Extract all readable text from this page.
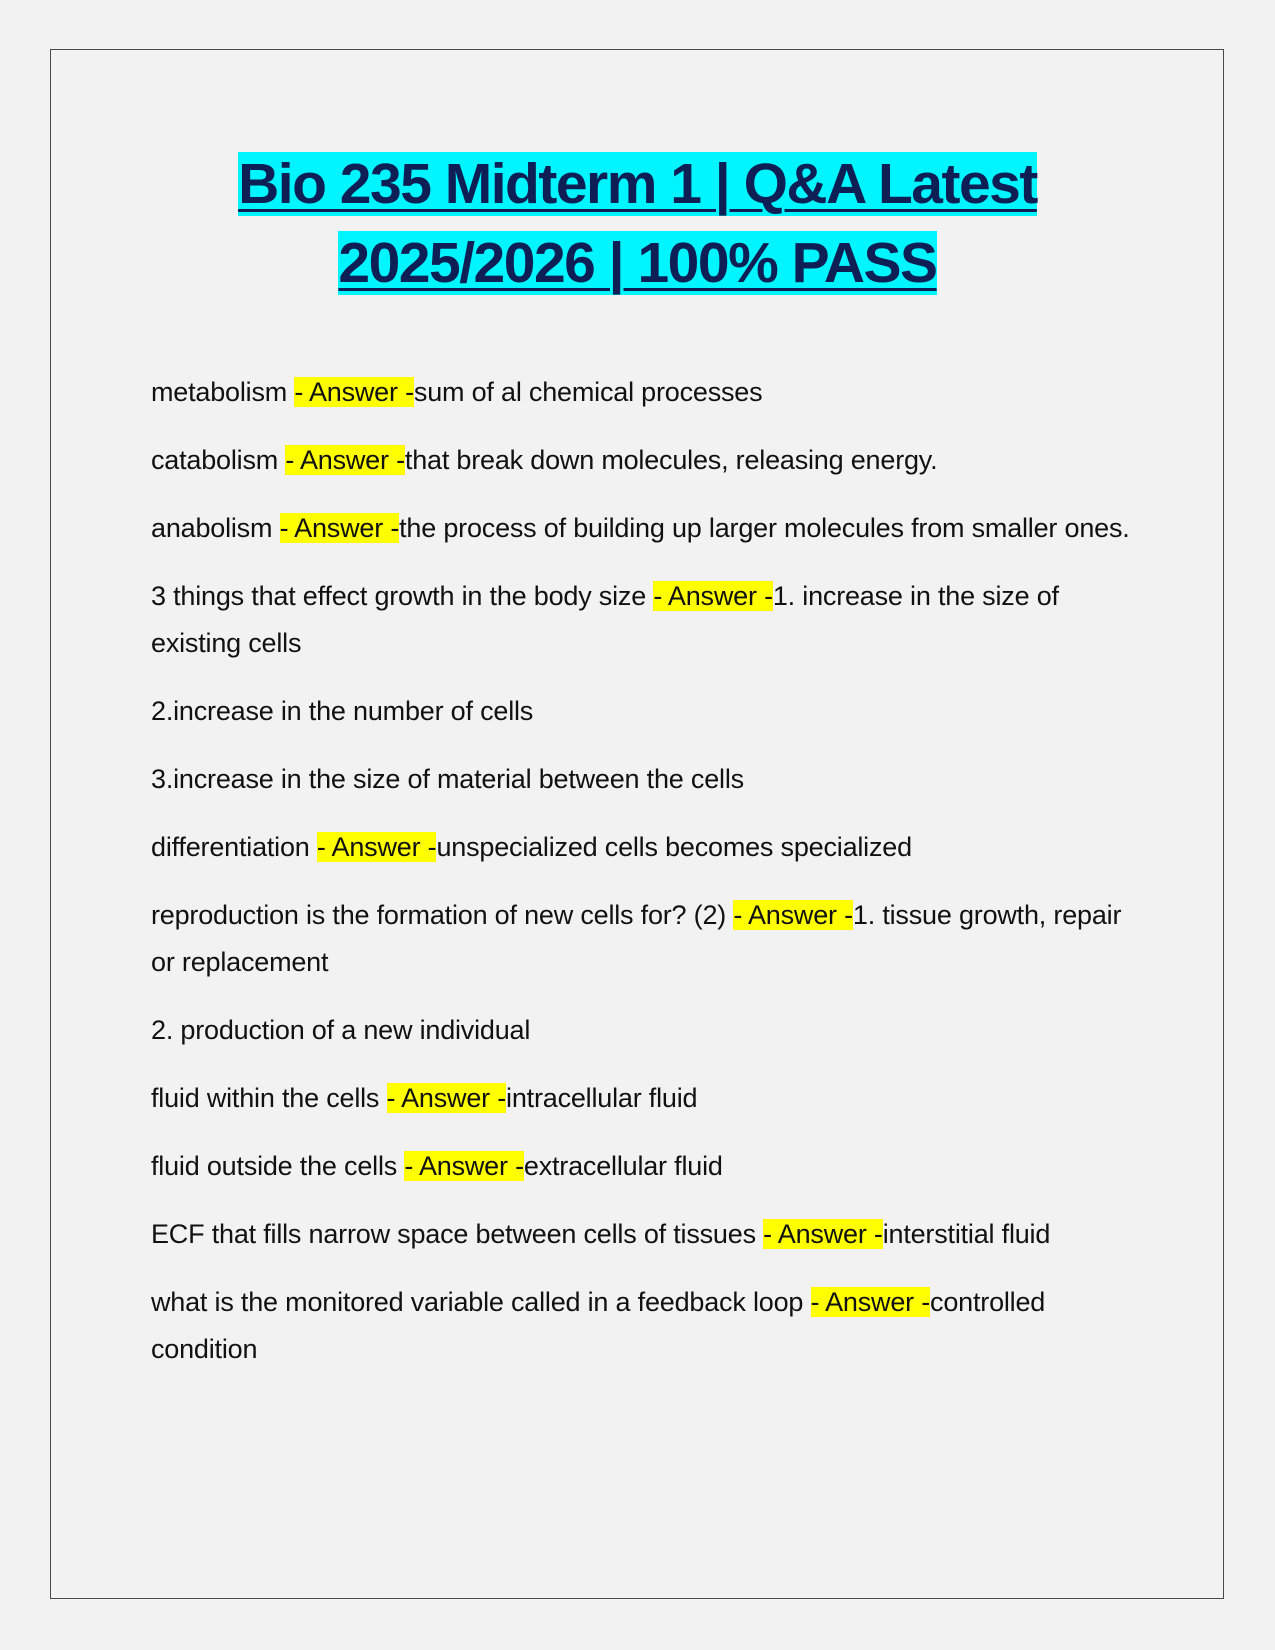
Bio 235 Midterm 1 | Q&A Latest
2025/2026 | 100% PASS

metabolism - Answer -sum of al chemical processes

catabolism - Answer -that break down molecules, releasing energy.

anabolism - Answer -the process of building up larger molecules from smaller ones.

3 things that effect growth in the body size - Answer -1. increase in the size of existing cells

2.increase in the number of cells

3.increase in the size of material between the cells

differentiation - Answer -unspecialized cells becomes specialized

reproduction is the formation of new cells for? (2) - Answer -1. tissue growth, repair or replacement

2. production of a new individual

fluid within the cells - Answer -intracellular fluid

fluid outside the cells - Answer -extracellular fluid

ECF that fills narrow space between cells of tissues - Answer -interstitial fluid

what is the monitored variable called in a feedback loop - Answer -controlled condition
